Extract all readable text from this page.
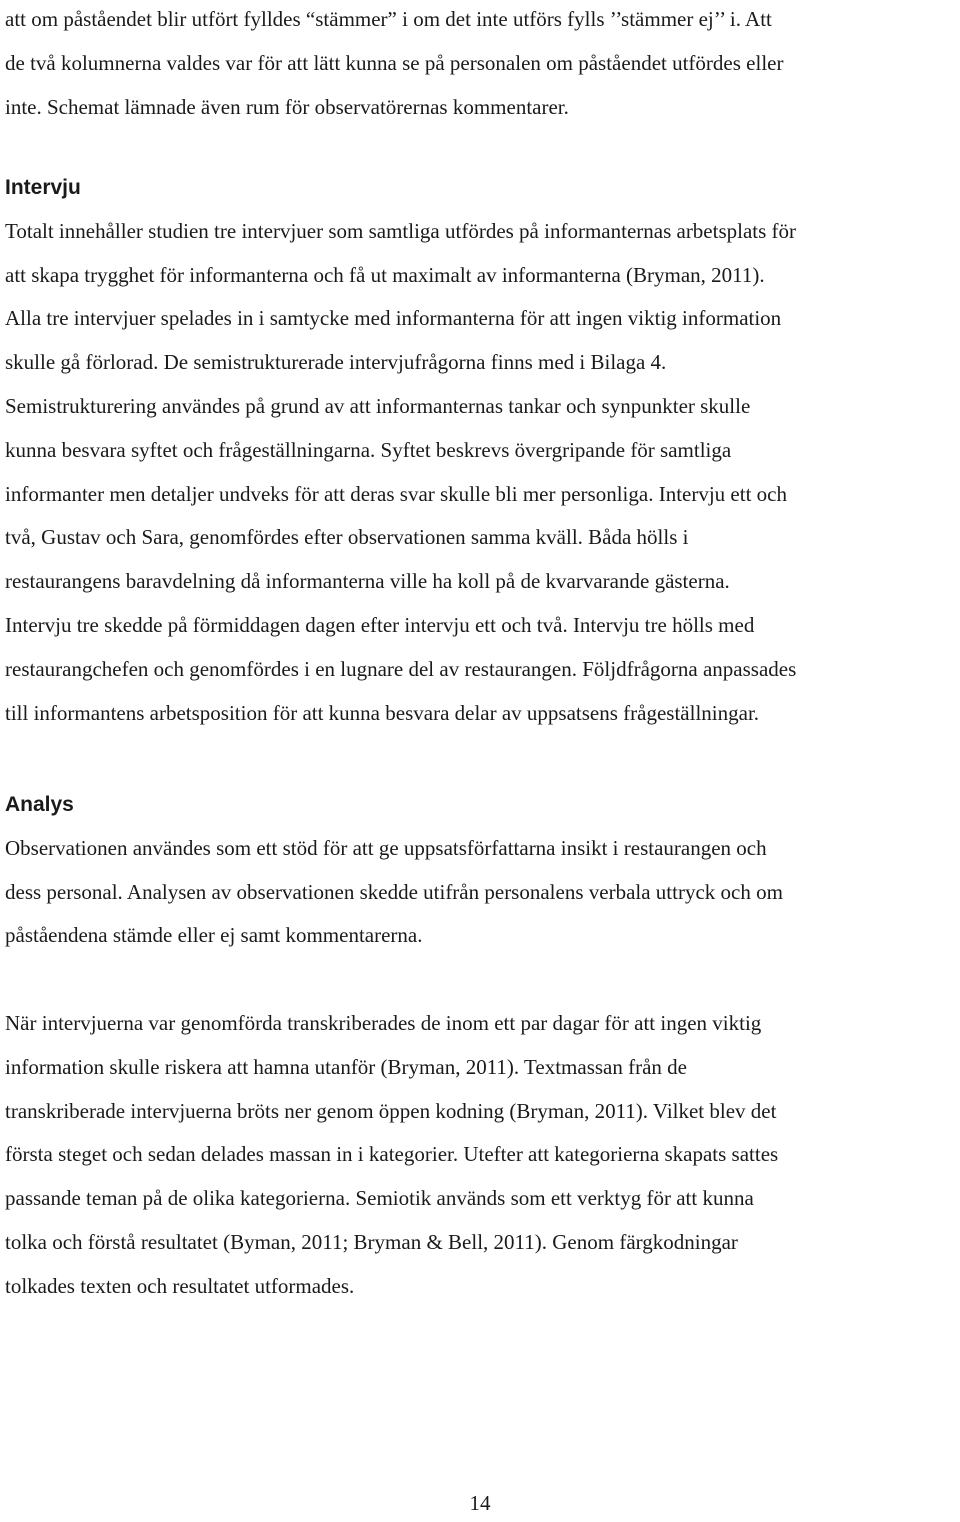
att om påståendet blir utfört fylldes “stämmer” i om det inte utförs fylls ’’stämmer ej’’ i. Att
de två kolumnerna valdes var för att lätt kunna se på personalen om påståendet utfördes eller
inte. Schemat lämnade även rum för observatörernas kommentarer.

Intervju

Totalt innehåller studien tre intervjuer som samtliga utfördes på informanternas arbetsplats för
att skapa trygghet för informanterna och få ut maximalt av informanterna (Bryman, 2011).
Alla tre intervjuer spelades in i samtycke med informanterna för att ingen viktig information
skulle gå förlorad. De semistrukturerade intervjufrågorna finns med i Bilaga 4.
Semistrukturering användes på grund av att informanternas tankar och synpunkter skulle
kunna besvara syftet och frågeställningarna. Syftet beskrevs övergripande för samtliga
informanter men detaljer undveks för att deras svar skulle bli mer personliga. Intervju ett och
två, Gustav och Sara, genomfördes efter observationen samma kväll. Båda hölls i
restaurangens baravdelning då informanterna ville ha koll på de kvarvarande gästerna.
Intervju tre skedde på förmiddagen dagen efter intervju ett och två. Intervju tre hölls med
restaurangchefen och genomfördes i en lugnare del av restaurangen. Följdfrågorna anpassades
till informantens arbetsposition för att kunna besvara delar av uppsatsens frågeställningar.

Analys

Observationen användes som ett stöd för att ge uppsatsförfattarna insikt i restaurangen och
dess personal. Analysen av observationen skedde utifrån personalens verbala uttryck och om
påståendena stämde eller ej samt kommentarerna.

När intervjuerna var genomförda transkriberades de inom ett par dagar för att ingen viktig
information skulle riskera att hamna utanför (Bryman, 2011). Textmassan från de
transkriberade intervjuerna bröts ner genom öppen kodning (Bryman, 2011). Vilket blev det
första steget och sedan delades massan in i kategorier. Utefter att kategorierna skapats sattes
passande teman på de olika kategorierna. Semiotik används som ett verktyg för att kunna
tolka och förstå resultatet (Byman, 2011; Bryman & Bell, 2011). Genom färgkodningar
tolkades texten och resultatet utformades.

14
